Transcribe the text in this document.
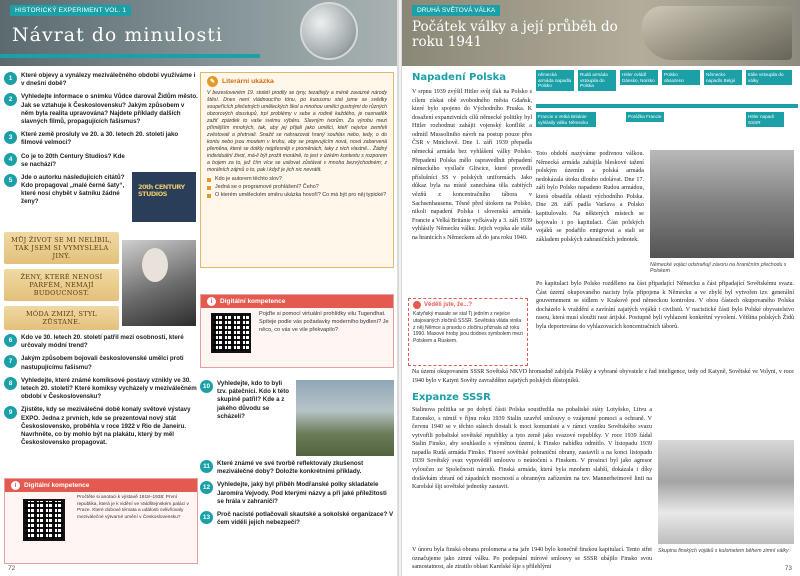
HISTORICKÝ EXPERIMENT VOL. 1
Návrat do minulosti
1	Které objevy a vynálezy meziválečného období využíváme i v dnešní době?
2	Vyhledejte informace o snímku Vůdce daroval Židům město. Jak se vztahuje k Československu? Jakým způsobem v něm byla realita upravována? Najdete příklady dalších slavných filmů, propagujících fašismus?
3	Které země prosluly ve 20. a 30. letech 20. století jako filmové velmoci?
4	Co je to 20th Century Studios? Kde se nachází?
5	Jde o autorku následujících citátů? Kdo propagoval „malé černé šaty“, které nosí chybět v šatníku žádné ženy?
20th CENTURY STUDIOS
MŮJ ŽIVOT SE MI NELÍBIL, TAK JSEM SI VYMYSLELA JINÝ.
ŽENY, KTERÉ NENOSÍ PARFÉM, NEMAJÍ BUDOUCNOST.
MÓDA ZMIZÍ, STYL ZŮSTANE.
6	Kdo ve 30. letech 20. století patřil mezi osobnosti, které určovaly módní trend?
7	Jakým způsobem bojovali československé umělci proti nastupujícímu fašismu?
8	Vyhledejte, které známé komiksové postavy vznikly ve 30. letech 20. století? Které komiksy vycházely v meziválečném období v Československu?
9	Zjistěte, kdy se meziválečné době konaly světové výstavy EXPO. Jedna z prvních, kde se prezentoval nový stát Československo, proběhla v roce 1922 v Rio de Janeiru. Navrhněte, co by mohlo být na plakátu, který by měl Československo propagovat.
i	Digitální kompetence

Pročtěte si anotaci k výstavě 1918–1938: První republika, která je k vidění ve Valdštejnském paláci v Praze. Které dobové témata a události ovlivňovaly meziválečné výtvarné umění v Československu?

✎	Literární ukázka

V bezesloveném 19. století prodily se tyny, tezatřejly a méně zavazné národy štěsí. Dnes není vládnoucího tónu, po kuousmu stal jsme se svědky soupeřících přečetných uměleckých škol a mnohou umělci gustnými do různých obzorových doustupů, trpí problémy v sebe a rodině každého, je nasnaděk zažiť zpárdek to vaše svému výběru. Slavným tvorům. Za výrobu mezi přímějším mnohých, tak, aby jej přijali jako umělci, kteří nejvíce zemřeli zvěstovali a přetrvali. Snažit se nahrazovat hraný souhlas nebo, tedy, o do kontu nebo jsou moutem v kruhu, aby se projevujícím nová, nová zabarvená přeměna, které se dotkly nejpřesněji v proměnách, taky z nich vlastně... Žádný individuální život, má-li být prožit morálně, to jest v úzkém kontextu s rozporem a bojem za to, jež čím více se usilovat zůstávat v mnoha bezvýchodném; z morálních zájmů o to, pak i když je jich nic nevrátit.

Kdo je autorem těchto slov?
Jedná se o programové prohlášení? Čeho?
O kterém uměleckém směru ukázka hovoří? Co má být pro něj typické?
i	Digitální kompetence

Pojďte si pomocí virtuální prohlídky vilu Tugendhat. Spíteje podle vás požadavky moderního bydlení? Je něco, co vás ve vile překvapilo?

10	Vyhledejte, kdo to byli tzv. pátečníci. Kdo k této skupině patřil? Kde a z jakého důvodu se scházeli?
11	Které známé ve své tvorbě reflektovaly zkušenost meziválečné doby? Doložte konkrétními příklady.
12	Vyhledejte, jaký byl příběh Modřanské polky skladatele Jaromíra Vejvody. Pod kterými názvy a při jaké příležitosti se hrála v zahraničí?
13	Proč nacisté potlačovali skautské a sokolské organizace? V čem viděli jejich nebezpečí?
72
DRUHÁ SVĚTOVÁ VÁLKA
Počátek války a její průběh do roku 1941
Napadení Polska	německá armáda napadla Polsko
Rudá armáda vstoupila do Polska
Hitler ovládl Dánsko, Norsko
Polsko obsazeno
Německo napadlo Belgii
Itálie vstoupila do války
Francie a Velká Británie vyhlásily válku Německu
Porážka Francie	Hitler napadl SSSR
V srpnu 1939 zvýšil Hitler svůj tlak na Polsko s cílem získat obě svobodného města Gdaňsk, které bylo spojeno do Východního Pruska. K dosažení expanzivních cílů německé politiky byl Hitler rozhodnut zahájit vojenský konflikt a odmítl Mussoliniho návrh na postup pouze přes ČSR v Mnichově. Dne 1. září 1939 přepadla německá armáda bez vyhlášení války Polsko. Přepadení Polska mělo ospravedlnit přepadení německého vysílače Gliwice, které provedli příslušníci SS v polských uniformách. Jako důkaz byla na místě zanechána těla zabitých vězňů z koncentračního tábora v Sachsenhausenu. Těsně před útokem na Polsko, nikoli napadení Polska i slovenská armáda. Francie a Velká Británie vyčkávaly a 3. září 1939 vyhlásily Německu válku. Jejich vojska ale stála na hranicích s Německem až do jara roku 1940.
Německé vojáci odstraňují závoru na hraničním přechodu s Polskem
Toto období nazýváme podivnou válkou. Německá armáda zahájila bleskové tažení polským územím a polská armáda nedokázala útoku dlouho odolávat. Dne 17. září bylo Polsko napadeno Rudou armádou, která obsadila oblasti východního Polska. Dne 28. září padla Varšava a Polsko kapitulovalo. Na některých místech se bojovalo i po kapitulaci. Část polských vojáků se podařilo emigrovat a stali se základem polských zahraničních jednotek.
Věděli jste, že...?

Katyňský masakr se stal Tj jedním z nejvíce utajovaných zločinů SSSR. Sovětská vláda vinila z něj Němce a pravdu o zločinu přiznala až roku 1990. Masové hroby jsou dodnes symbolem mezi Polskem a Ruskem.

Po kapitulaci bylo Polsko rozděleno na část připadající Německu a část připadající Sovětskému svazu. Část území okupovaného nacisty byla připojena k Německu a ve zbylé byl vytvořen tzv. generální gouvernement se sídlem v Krakově pod německou kontrolou. V obou částech okupovaného Polska docházelo k vraždění a zavírání zajatých vojáků i civilistů. V nacistické části bylo Polské obyvatelstvo rasou, která musí sloužit rase árijské. Postupně byli vyhlazeni konkrétní vyvolení. Většina polských Židů byla deportována do vyhlazovacích koncentračních táborů.
Na území okupovaném SSSR Sovětská NKVD hromadně zabíjela Poláky a vybrané obyvatele z řad inteligence, tedy od Katyně, Sovětské ve Volyni, v roce 1940 bylo v Katyni Sověty zavražděno zajatých polských důstojníků.
Expanze SSSR
Stalinova politika se po dobytí části Polska soustředila na pobaltské státy Lotyšsko, Litvu a Estonsko, s nimiž v říjnu roku 1939 Stalin uzavřel smlouvy o vzájemné pomoci a ochraně. V červnu 1940 se v těchto státech dostali k moci komunisté a v rámci vzniku Sovětského svazu vytvořili pobaltské sovětské republiky a tyto země jako svazové republiky. V roce 1939 žádal Stalin Finsko, aby souhlasilo s výměnou území, k Finsko nabídku odmítlo. V listopadu 1939 napadla Rudá armáda Finsko. Finové sovětské pohraniční obrany, zastavili a na konci listopadu 1939 Sovětský svaz vypověděl smlouvu o neútočení s Finskem. V prosinci byl jako agresor vyloučen ze Společnosti národů. Finská armáda, která byla mnohem slabší, dokázala i díky dodávkám zbraní od západních mocností a obranným zařízením na tzv. Mannerheimově linii na Karelské šíji sovětské jednotky zastavit.
V únoru byla finská obrana prolomena a na jaře 1940 bylo konečně finskou kapitulací. Tento střet označujeme jako zimní válku. Po podepsání mírové smlouvy se SSSR ubájilo Finsko svou samostatnost, ale ztratilo oblast Karelské šíje s přilehlými
Skupina finských vojáků s kulometem během zimní války
73
